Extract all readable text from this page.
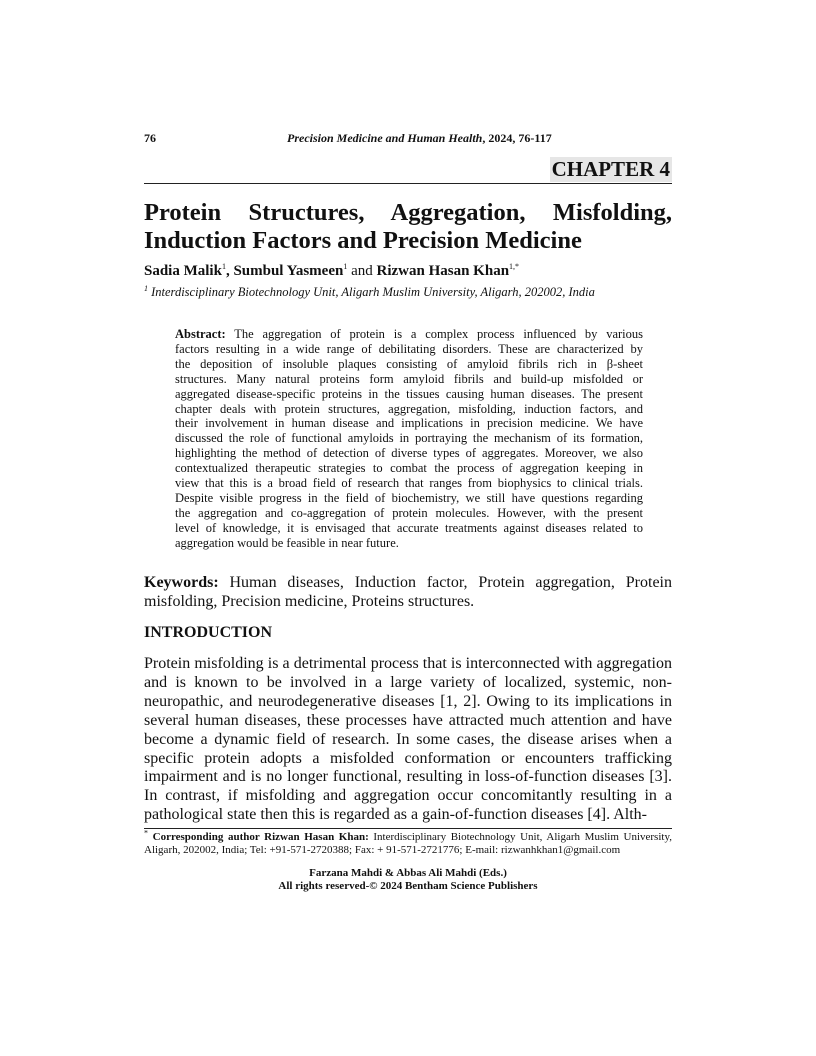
76	Precision Medicine and Human Health, 2024, 76-117
CHAPTER 4
Protein Structures, Aggregation, Misfolding,
Induction Factors and Precision Medicine
Sadia Malik$^1$, Sumbul Yasmeen$^1$ and Rizwan Hasan Khan$^{1,*}$
$^1$ Interdisciplinary Biotechnology Unit, Aligarh Muslim University, Aligarh, 202002, India
Abstract: The aggregation of protein is a complex process influenced by various
factors resulting in a wide range of debilitating disorders. These are characterized by
the deposition of insoluble plaques consisting of amyloid fibrils rich in β-sheet
structures. Many natural proteins form amyloid fibrils and build-up misfolded or
aggregated disease-specific proteins in the tissues causing human diseases. The present
chapter deals with protein structures, aggregation, misfolding, induction factors, and
their involvement in human disease and implications in precision medicine. We have
discussed the role of functional amyloids in portraying the mechanism of its formation,
highlighting the method of detection of diverse types of aggregates. Moreover, we also
contextualized therapeutic strategies to combat the process of aggregation keeping in
view that this is a broad field of research that ranges from biophysics to clinical trials.
Despite visible progress in the field of biochemistry, we still have questions regarding
the aggregation and co-aggregation of protein molecules. However, with the present
level of knowledge, it is envisaged that accurate treatments against diseases related to
aggregation would be feasible in near future.
Keywords: Human diseases, Induction factor, Protein aggregation, Protein
misfolding, Precision medicine, Proteins structures.
INTRODUCTION
Protein misfolding is a detrimental process that is interconnected with aggregation
and is known to be involved in a large variety of localized, systemic, non-
neuropathic, and neurodegenerative diseases [1, 2]. Owing to its implications in
several human diseases, these processes have attracted much attention and have
become a dynamic field of research. In some cases, the disease arises when a
specific protein adopts a misfolded conformation or encounters trafficking
impairment and is no longer functional, resulting in loss-of-function diseases [3].
In contrast, if misfolding and aggregation occur concomitantly resulting in a
pathological state then this is regarded as a gain-of-function diseases [4]. Alth-
* Corresponding author Rizwan Hasan Khan: Interdisciplinary Biotechnology Unit, Aligarh Muslim University,
Aligarh, 202002, India; Tel: +91-571-2720388; Fax: + 91-571-2721776; E-mail: rizwanhkhan1@gmail.com
Farzana Mahdi & Abbas Ali Mahdi (Eds.)
All rights reserved-© 2024 Bentham Science Publishers
